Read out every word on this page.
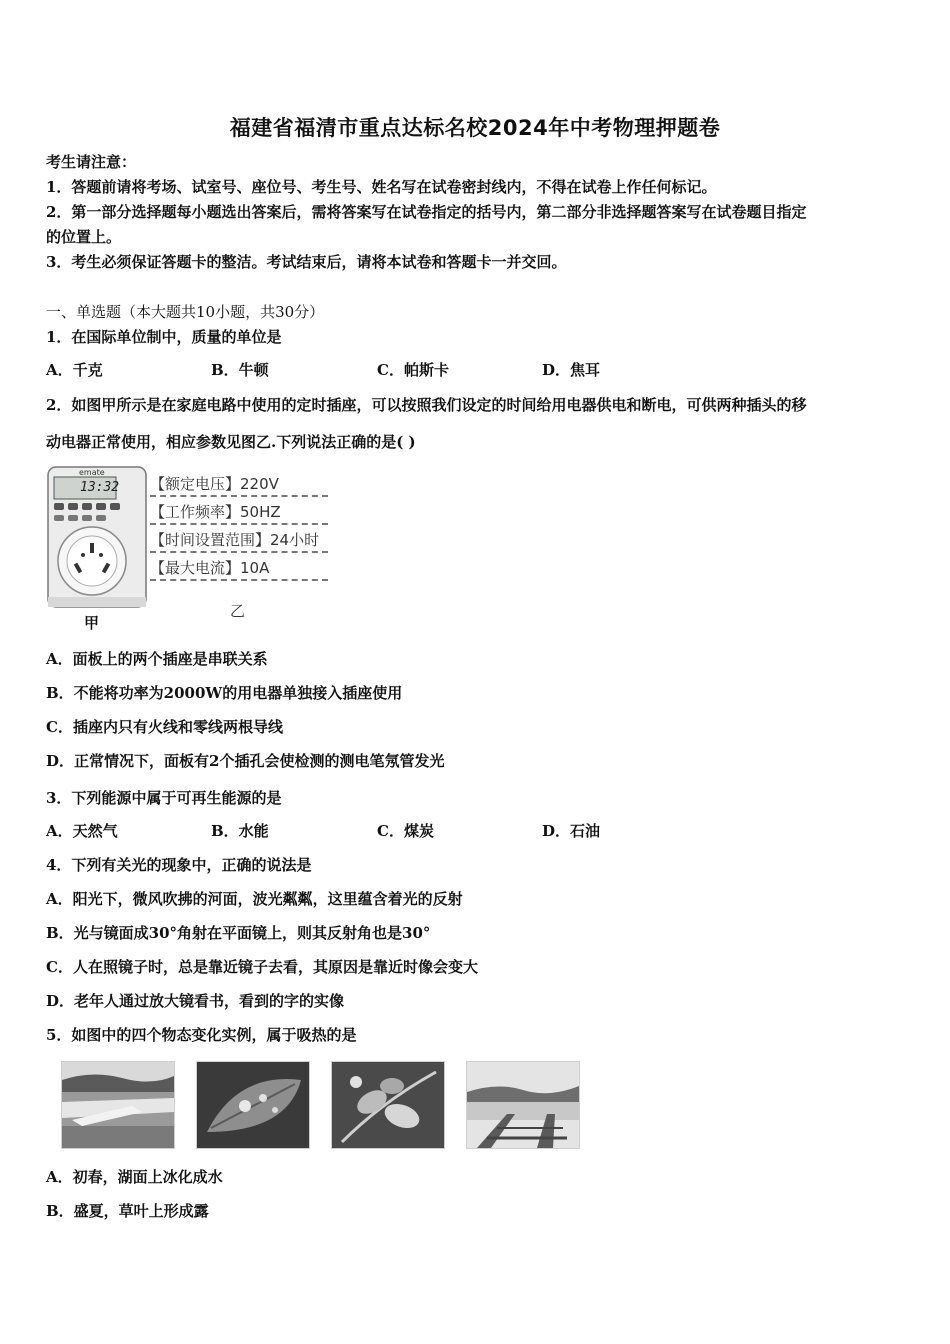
福建省福清市重点达标名校2024年中考物理押题卷
考生请注意：
1．答题前请将考场、试室号、座位号、考生号、姓名写在试卷密封线内，不得在试卷上作任何标记。
2．第一部分选择题每小题选出答案后，需将答案写在试卷指定的括号内，第二部分非选择题答案写在试卷题目指定
的位置上。
3．考生必须保证答题卡的整洁。考试结束后，请将本试卷和答题卡一并交回。
一、单选题（本大题共10小题，共30分）
1．在国际单位制中，质量的单位是
A．千克	B．牛顿	C．帕斯卡	D．焦耳
2．如图甲所示是在家庭电路中使用的定时插座，可以按照我们设定的时间给用电器供电和断电，可供两种插头的移
动电器正常使用，相应参数见图乙.下列说法正确的是( )
emate
13:32
甲
【额定电压】220V
【工作频率】50HZ
【时间设置范围】24小时
【最大电流】10A
乙
A．面板上的两个插座是串联关系
B．不能将功率为2000W的用电器单独接入插座使用
C．插座内只有火线和零线两根导线
D．正常情况下，面板有2个插孔会使检测的测电笔氖管发光
3．下列能源中属于可再生能源的是
A．天然气	B．水能	C．煤炭	D．石油
4．下列有关光的现象中，正确的说法是
A．阳光下，微风吹拂的河面，波光粼粼，这里蕴含着光的反射
B．光与镜面成30°角射在平面镜上，则其反射角也是30°
C．人在照镜子时，总是靠近镜子去看，其原因是靠近时像会变大
D．老年人通过放大镜看书，看到的字的实像
5．如图中的四个物态变化实例，属于吸热的是
A．初春，湖面上冰化成水
B．盛夏，草叶上形成露
